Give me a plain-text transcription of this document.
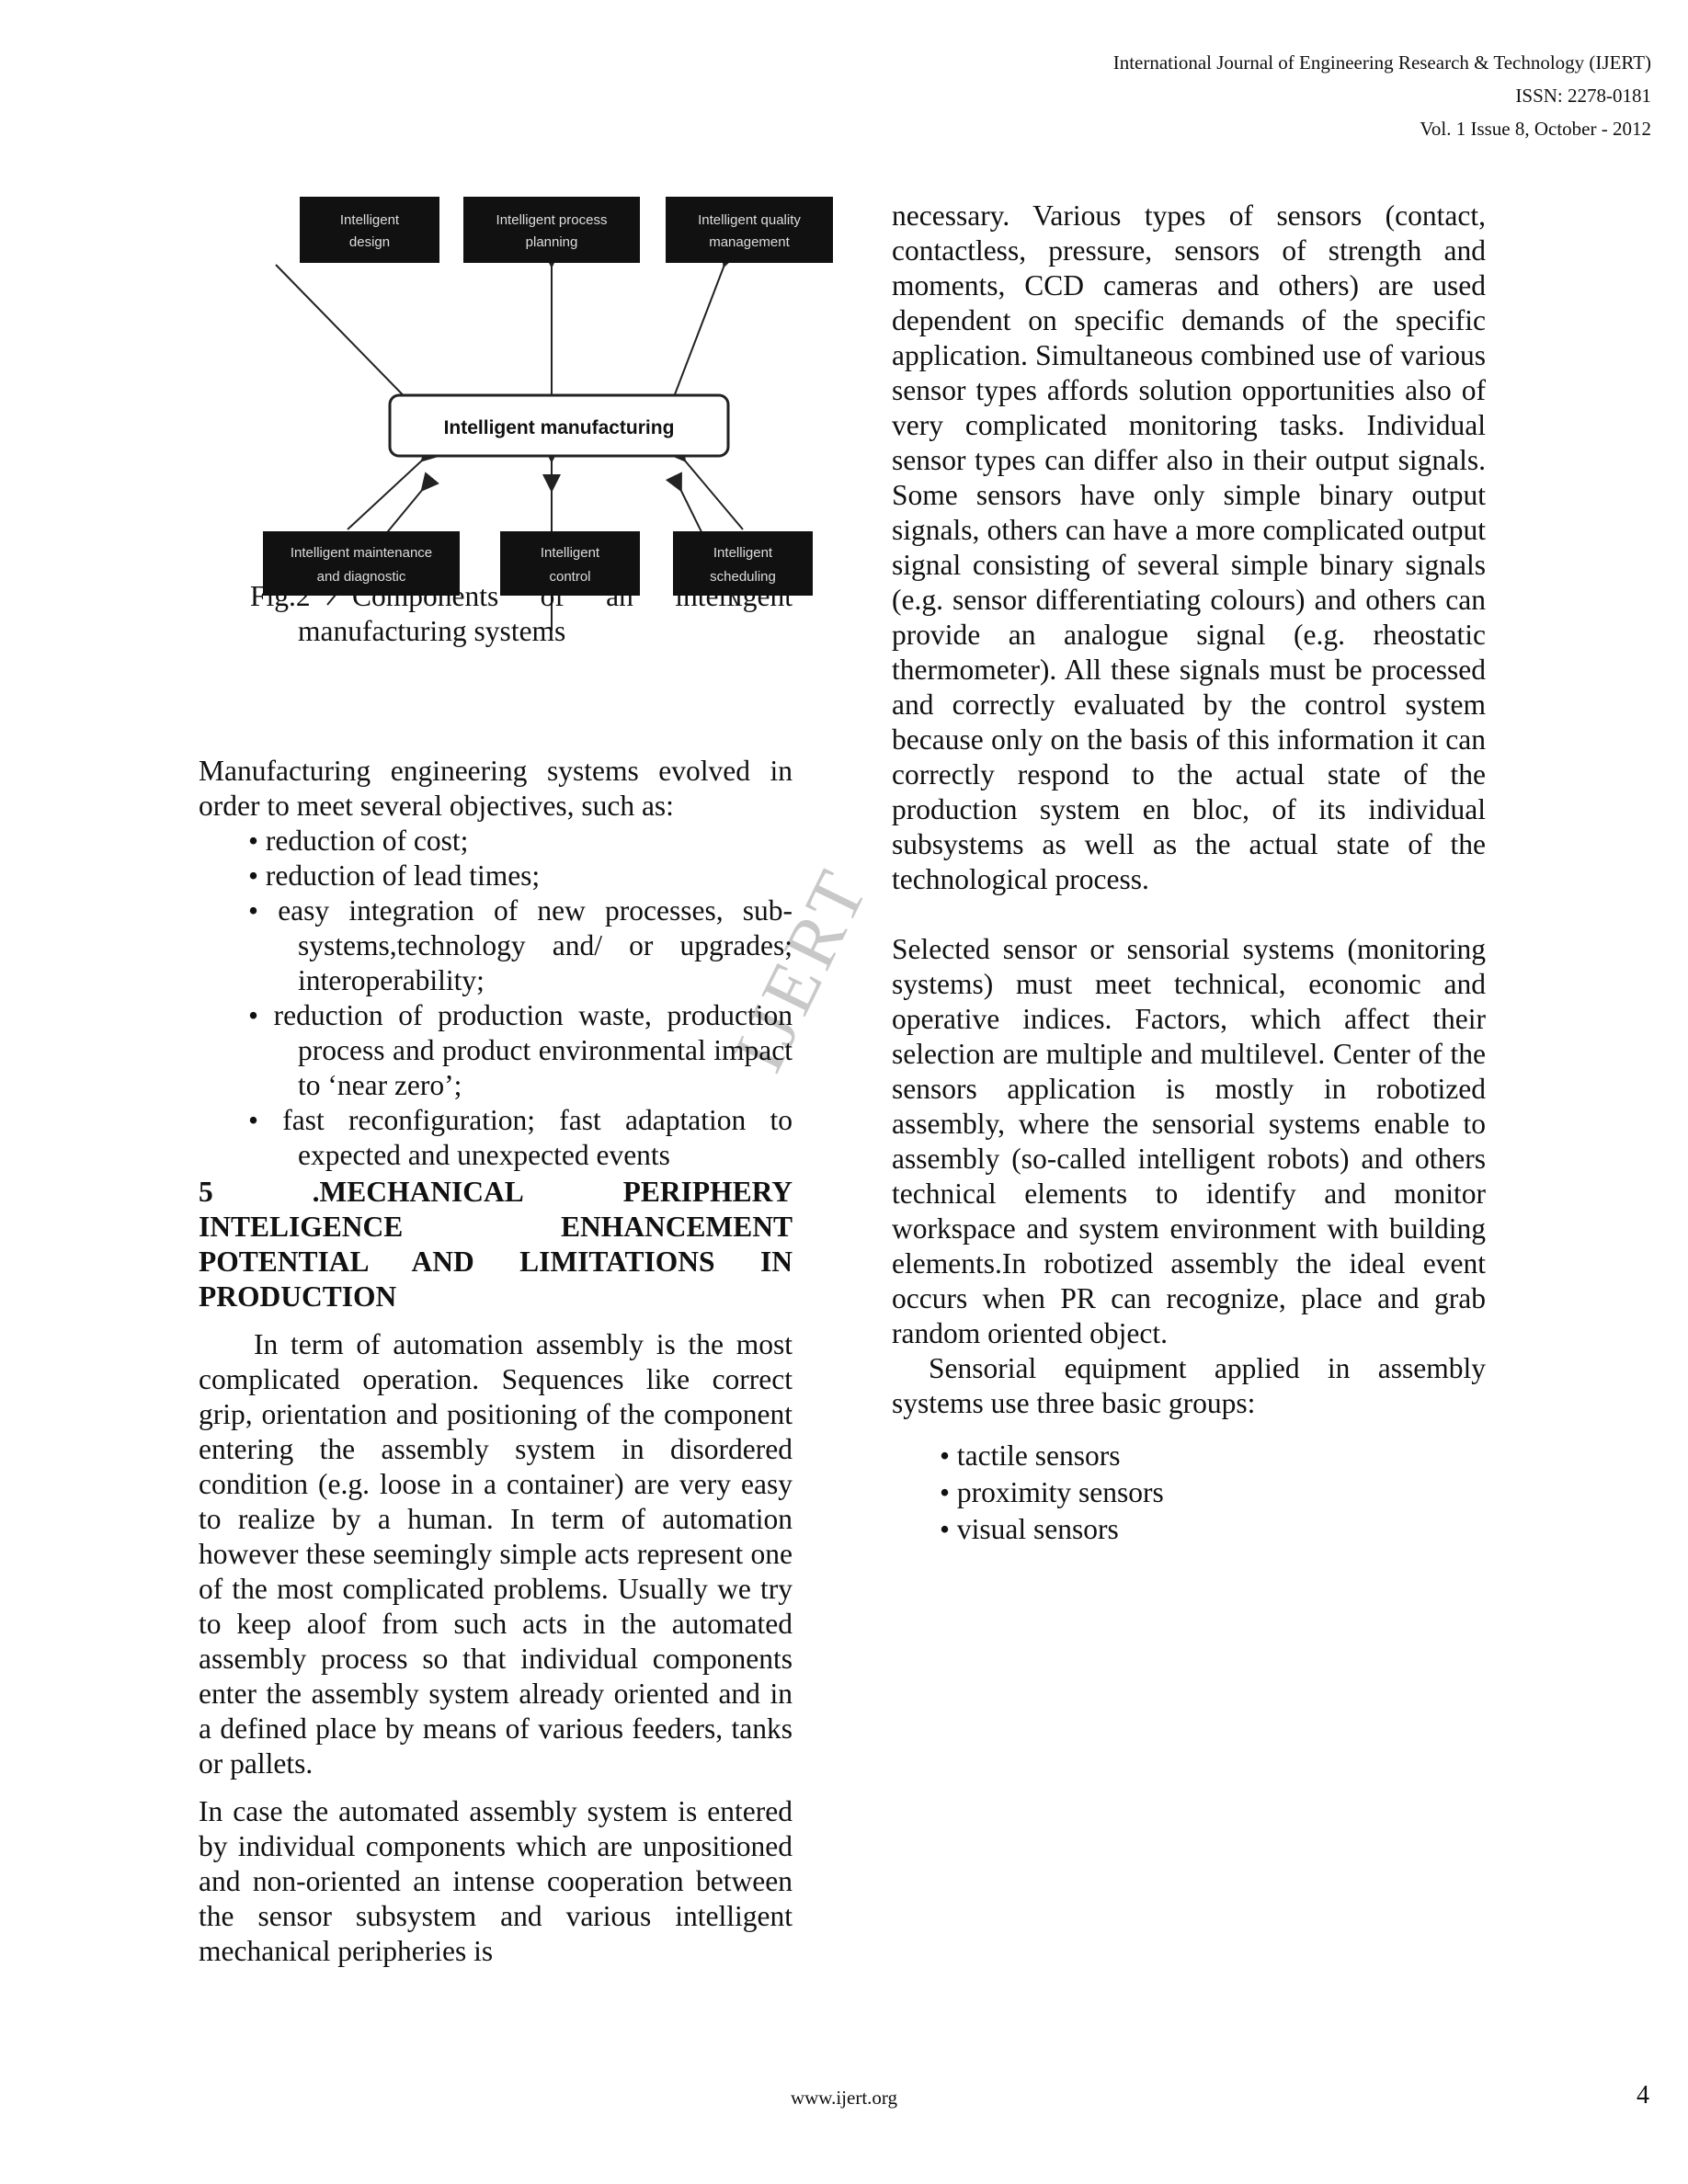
International Journal of Engineering Research & Technology (IJERT)
ISSN: 2278-0181
Vol. 1 Issue 8, October - 2012
IJERT
Intelligent
design
Intelligent process
planning
Intelligent quality
management
Intelligent manufacturing
Intelligent maintenance
and diagnostic
Intelligent
control
Intelligent
scheduling
Fig.2 Components of an intelligent
manufacturing systems

Manufacturing engineering systems evolved in order to meet several objectives, such as:

• reduction of cost;

• reduction of lead times;

• easy integration of new processes, sub-systems,technology and/ or upgrades; interoperability;

• reduction of production waste, production process and product environmental impact to ‘near zero’;

• fast reconfiguration; fast adaptation to expected and unexpected events

5	.MECHANICAL	PERIPHERY
INTELIGENCE	ENHANCEMENT
POTENTIAL AND LIMITATIONS IN
PRODUCTION

In term of automation assembly is the most complicated operation. Sequences like correct grip, orientation and positioning of the component entering the assembly system in disordered condition (e.g. loose in a container) are very easy to realize by a human. In term of automation however these seemingly simple acts represent one of the most complicated problems. Usually we try to keep aloof from such acts in the automated assembly process so that individual components enter the assembly system already oriented and in a defined place by means of various feeders, tanks or pallets.

In case the automated assembly system is entered by individual components which are unpositioned and non-oriented an intense cooperation between the sensor subsystem and various intelligent mechanical peripheries is

necessary. Various types of sensors (contact, contactless, pressure, sensors of strength and moments, CCD cameras and others) are used dependent on specific demands of the specific application. Simultaneous combined use of various sensor types affords solution opportunities also of very complicated monitoring tasks. Individual sensor types can differ also in their output signals. Some sensors have only simple binary output signals, others can have a more complicated output signal consisting of several simple binary signals (e.g. sensor differentiating colours) and others can provide an analogue signal (e.g. rheostatic thermometer). All these signals must be processed and correctly evaluated by the control system because only on the basis of this information it can correctly respond to the actual state of the production system en bloc, of its individual subsystems as well as the actual state of the technological process.

Selected sensor or sensorial systems (monitoring systems) must meet technical, economic and operative indices. Factors, which affect their selection are multiple and multilevel. Center of the sensors application is mostly in robotized assembly, where the sensorial systems enable to assembly (so-called intelligent robots) and others technical elements to identify and monitor workspace and system environment with building elements.In robotized assembly the ideal event occurs when PR can recognize, place and grab random oriented object.

Sensorial equipment applied in assembly systems use three basic groups:

• tactile sensors
• proximity sensors
• visual sensors
www.ijert.org	4
